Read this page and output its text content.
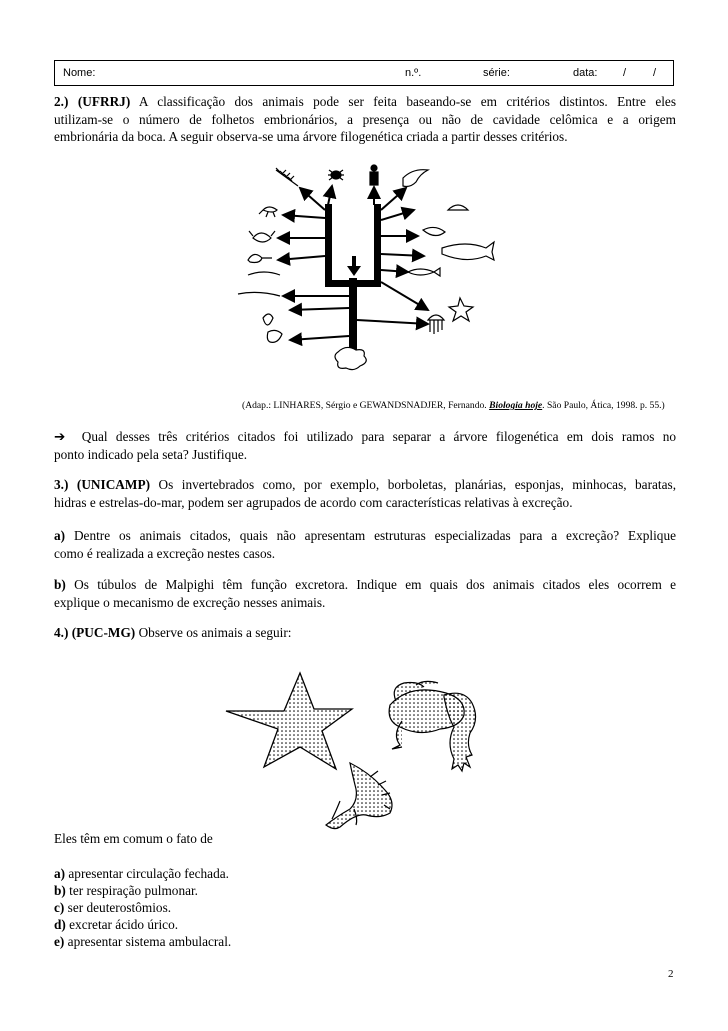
Nome:	n.º.	série:	data: / /
2.) (UFRRJ) A classificação dos animais pode ser feita baseando-se em critérios distintos. Entre eles
utilizam-se o número de folhetos embrionários, a presença ou não de cavidade celômica e a origem
embrionária da boca. A seguir observa-se uma árvore filogenética criada a partir desses critérios.
(Adap.: LINHARES, Sérgio e GEWANDSNADJER, Fernando. Biologia hoje. São Paulo, Ática, 1998. p. 55.)
➔ Qual desses três critérios citados foi utilizado para separar a árvore filogenética em dois ramos no
ponto indicado pela seta? Justifique.
3.) (UNICAMP) Os invertebrados como, por exemplo, borboletas, planárias, esponjas, minhocas, baratas,
hidras e estrelas-do-mar, podem ser agrupados de acordo com características relativas à excreção.
a) Dentre os animais citados, quais não apresentam estruturas especializadas para a excreção? Explique
como é realizada a excreção nestes casos.
b) Os túbulos de Malpighi têm função excretora. Indique em quais dos animais citados eles ocorrem e
explique o mecanismo de excreção nesses animais.
4.) (PUC-MG) Observe os animais a seguir:
Eles têm em comum o fato de
a) apresentar circulação fechada.
b) ter respiração pulmonar.
c) ser deuterostômios.
d) excretar ácido úrico.
e) apresentar sistema ambulacral.
2
